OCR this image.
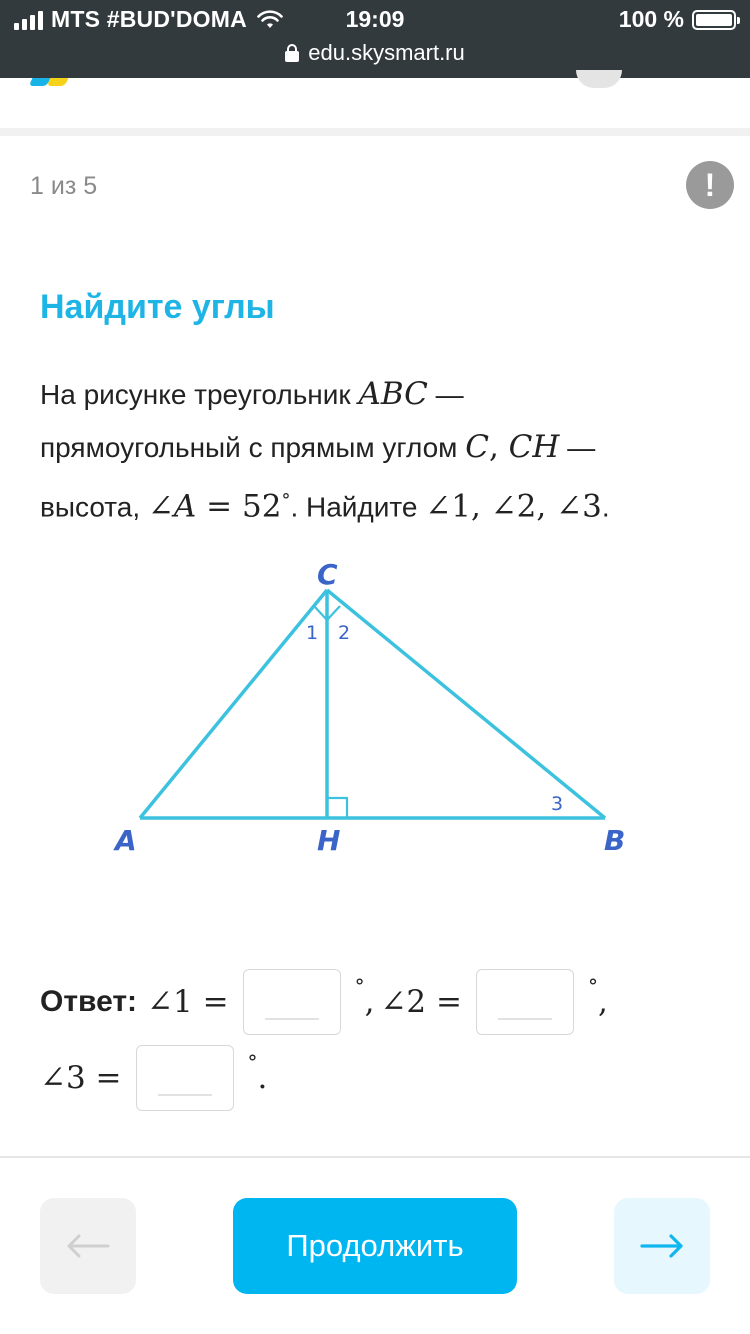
MTS #BUD'DOMA	19:09	100 %
edu.skysmart.ru
1 из 5	!
Найдите углы
На рисунке треугольник ABC —
прямоугольный с прямым углом C, CH —
высота, ∠A = 52°. Найдите ∠1, ∠2, ∠3.
C
A	H	B
1 2
3
Ответ: ∠1 =	° , ∠2 =	° ,
∠3 =	° .
Продолжить
